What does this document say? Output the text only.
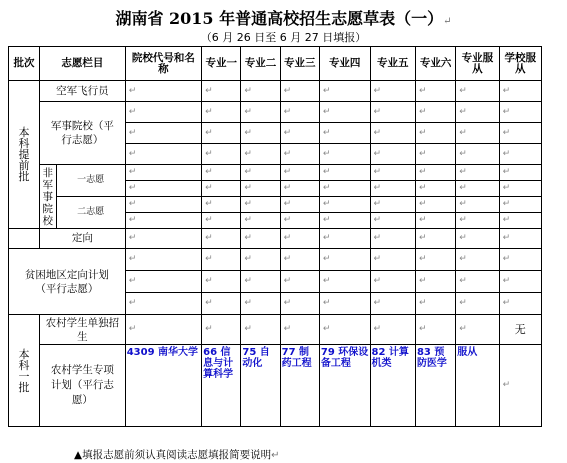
湖南省 2015 年普通高校招生志愿草表（一）↵
（6 月 26 日至 6 月 27 日填报）
批次	志愿栏目		院校代号和名称	专业一	专业二	专业三	专业四	专业五	专业六	专业服从	学校服从

本科提前批	空军飞行员		↵	↵	↵	↵	↵	↵	↵	↵	↵

	军事院校（平行志愿）		↵	↵	↵	↵	↵	↵	↵	↵	↵
			↵	↵	↵	↵	↵	↵	↵	↵	↵
			↵	↵	↵	↵	↵	↵	↵	↵	↵

	非军事院校	一志愿	↵	↵	↵	↵	↵	↵	↵	↵	↵
			↵	↵	↵	↵	↵	↵	↵	↵	↵
		二志愿	↵	↵	↵	↵	↵	↵	↵	↵	↵
			↵	↵	↵	↵	↵	↵	↵	↵	↵
	定向		↵	↵	↵	↵	↵	↵	↵	↵	↵

贫困地区定向计划（平行志愿）			↵	↵	↵	↵	↵	↵	↵	↵	↵
			↵	↵	↵	↵	↵	↵	↵	↵	↵
			↵	↵	↵	↵	↵	↵	↵	↵	↵

本科一批	农村学生单独招生		↵	↵	↵	↵	↵	↵	↵	↵	无

	农村学生专项计划（平行志愿）		4309 南华大学	66 信息与计算科学	75 自动化	77 制药工程	79 环保设备工程	82 计算机类	83 预防医学	服从	↵
▲填报志愿前须认真阅读志愿填报简要说明↵
